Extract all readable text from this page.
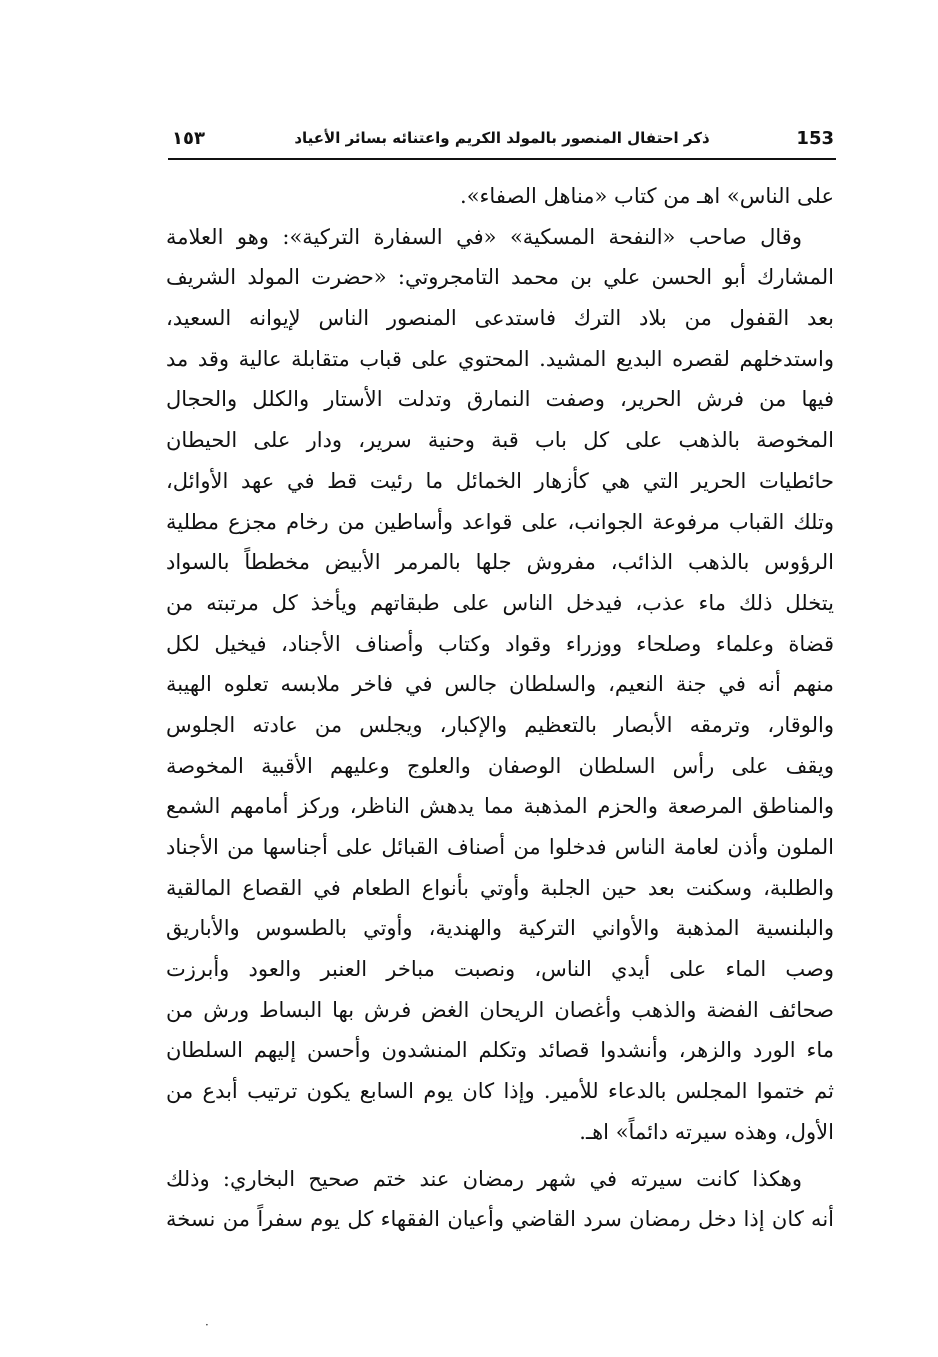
153
ذكر احتفال المنصور بالمولد الكريم واعتنائه بسائر الأعياد
١٥٣
على الناس» اهـ من كتاب «مناهل الصفاء».
وقال صاحب «النفحة المسكية» «في السفارة التركية»: وهو العلامة
المشارك أبو الحسن علي بن محمد التامجروتي: «حضرت المولد الشريف
بعد القفول من بلاد الترك فاستدعى المنصور الناس لإيوانه السعيد،
واستدخلهم لقصره البديع المشيد. المحتوي على قباب متقابلة عالية وقد مد
فيها من فرش الحرير، وصفت النمارق وتدلت الأستار والكلل والحجال
المخوصة بالذهب على كل باب قبة وحنية سرير، ودار على الحيطان
حائطيات الحرير التي هي كأزهار الخمائل ما رئيت قط في عهد الأوائل،
وتلك القباب مرفوعة الجوانب، على قواعد وأساطين من رخام مجزع مطلية
الرؤوس بالذهب الذائب، مفروش جلها بالمرمر الأبيض مخططاً بالسواد
يتخلل ذلك ماء عذب، فيدخل الناس على طبقاتهم ويأخذ كل مرتبته من
قضاة وعلماء وصلحاء ووزراء وقواد وكتاب وأصناف الأجناد، فيخيل لكل
منهم أنه في جنة النعيم، والسلطان جالس في فاخر ملابسه تعلوه الهيبة
والوقار، وترمقه الأبصار بالتعظيم والإكبار، ويجلس من عادته الجلوس
ويقف على رأس السلطان الوصفان والعلوج وعليهم الأقبية المخوصة
والمناطق المرصعة والحزم المذهبة مما يدهش الناظر، وركز أمامهم الشمع
الملون وأذن لعامة الناس فدخلوا من أصناف القبائل على أجناسها من الأجناد
والطلبة، وسكنت بعد حين الجلبة وأوتي بأنواع الطعام في القصاع المالقية
والبلنسية المذهبة والأواني التركية والهندية، وأوتي بالطسوس والأباريق
وصب الماء على أيدي الناس، ونصبت مباخر العنبر والعود وأبرزت
صحائف الفضة والذهب وأغصان الريحان الغض فرش بها البساط ورش من
ماء الورد والزهر، وأنشدوا قصائد وتكلم المنشدون وأحسن إليهم السلطان
ثم ختموا المجلس بالدعاء للأمير. وإذا كان يوم السابع يكون ترتيب أبدع من
الأول، وهذه سيرته دائماً» اهـ.
وهكذا كانت سيرته في شهر رمضان عند ختم صحيح البخاري: وذلك
أنه كان إذا دخل رمضان سرد القاضي وأعيان الفقهاء كل يوم سفراً من نسخة
·
